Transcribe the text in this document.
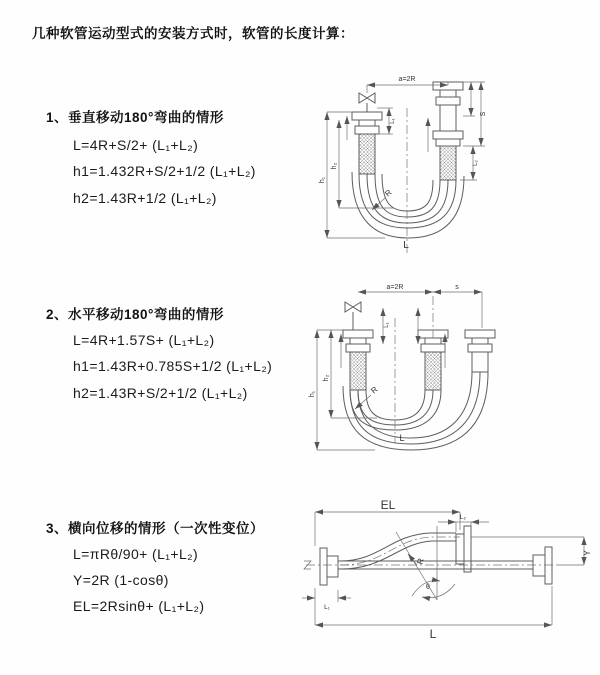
几种软管运动型式的安装方式时，软管的长度计算：
1、垂直移动180°弯曲的情形
L=4R+S/2+ (L₁+L₂)
h1=1.432R+S/2+1/2 (L₁+L₂)
h2=1.43R+1/2 (L₁+L₂)
2、水平移动180°弯曲的情形
L=4R+1.57S+ (L₁+L₂)
h1=1.43R+0.785S+1/2 (L₁+L₂)
h2=1.43R+S/2+1/2 (L₁+L₂)
3、横向位移的情形（一次性变位）
L=πRθ/90+ (L₁+L₂)
Y=2R (1-cosθ)
EL=2Rsinθ+ (L₁+L₂)
a=2R
h₁
h₂
L₁
S
L₂
R
L
a=2R	s
h₁
h₂
L₁
R
L
θ
R
EL
L₂
Y
L
L₁
